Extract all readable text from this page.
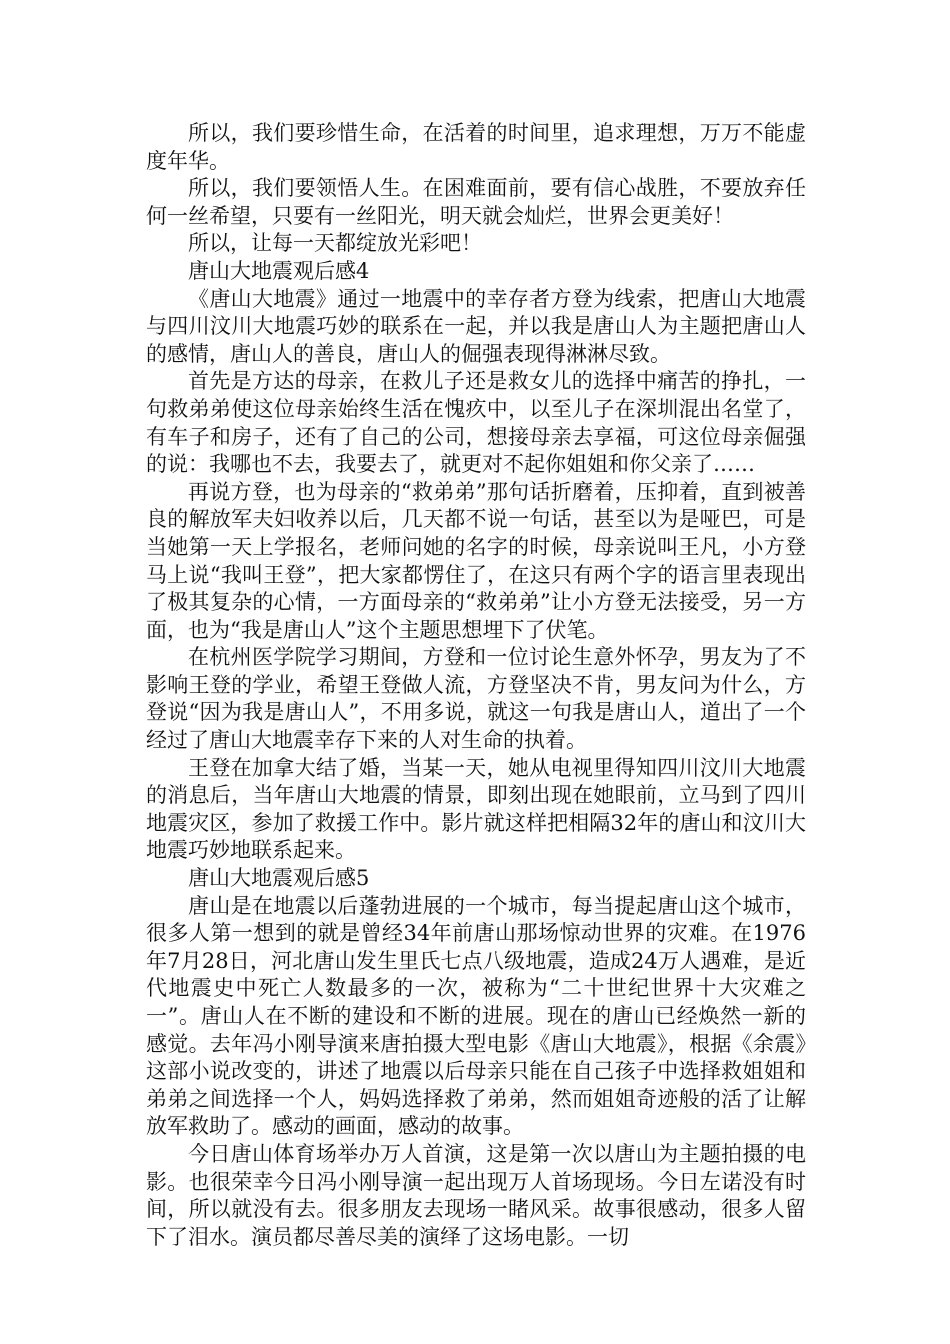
所以，我们要珍惜生命，在活着的时间里，追求理想，万万不能虚度年华。

所以，我们要领悟人生。在困难面前，要有信心战胜，不要放弃任何一丝希望，只要有一丝阳光，明天就会灿烂，世界会更美好！

所以，让每一天都绽放光彩吧！

唐山大地震观后感4

《唐山大地震》通过一地震中的幸存者方登为线索，把唐山大地震与四川汶川大地震巧妙的联系在一起，并以我是唐山人为主题把唐山人的感情，唐山人的善良，唐山人的倔强表现得淋淋尽致。

首先是方达的母亲，在救儿子还是救女儿的选择中痛苦的挣扎，一句救弟弟使这位母亲始终生活在愧疚中，以至儿子在深圳混出名堂了，有车子和房子，还有了自己的公司，想接母亲去享福，可这位母亲倔强的说：我哪也不去，我要去了，就更对不起你姐姐和你父亲了……

再说方登，也为母亲的“救弟弟”那句话折磨着，压抑着，直到被善良的解放军夫妇收养以后，几天都不说一句话，甚至以为是哑巴，可是当她第一天上学报名，老师问她的名字的时候，母亲说叫王凡，小方登马上说“我叫王登”，把大家都愣住了，在这只有两个字的语言里表现出了极其复杂的心情，一方面母亲的“救弟弟”让小方登无法接受，另一方面，也为“我是唐山人”这个主题思想埋下了伏笔。

在杭州医学院学习期间，方登和一位讨论生意外怀孕，男友为了不影响王登的学业，希望王登做人流，方登坚决不肯，男友问为什么，方登说“因为我是唐山人”，不用多说，就这一句我是唐山人，道出了一个经过了唐山大地震幸存下来的人对生命的执着。

王登在加拿大结了婚，当某一天，她从电视里得知四川汶川大地震的消息后，当年唐山大地震的情景，即刻出现在她眼前，立马到了四川地震灾区，参加了救援工作中。影片就这样把相隔32年的唐山和汶川大地震巧妙地联系起来。

唐山大地震观后感5

唐山是在地震以后蓬勃进展的一个城市，每当提起唐山这个城市，很多人第一想到的就是曾经34年前唐山那场惊动世界的灾难。在1976年7月28日，河北唐山发生里氏七点八级地震，造成24万人遇难，是近代地震史中死亡人数最多的一次，被称为“二十世纪世界十大灾难之一”。唐山人在不断的建设和不断的进展。现在的唐山已经焕然一新的感觉。去年冯小刚导演来唐拍摄大型电影《唐山大地震》，根据《余震》这部小说改变的，讲述了地震以后母亲只能在自己孩子中选择救姐姐和弟弟之间选择一个人，妈妈选择救了弟弟，然而姐姐奇迹般的活了让解放军救助了。感动的画面，感动的故事。

今日唐山体育场举办万人首演，这是第一次以唐山为主题拍摄的电影。也很荣幸今日冯小刚导演一起出现万人首场现场。今日左诺没有时间，所以就没有去。很多朋友去现场一睹风采。故事很感动，很多人留下了泪水。演员都尽善尽美的演绎了这场电影。一切
